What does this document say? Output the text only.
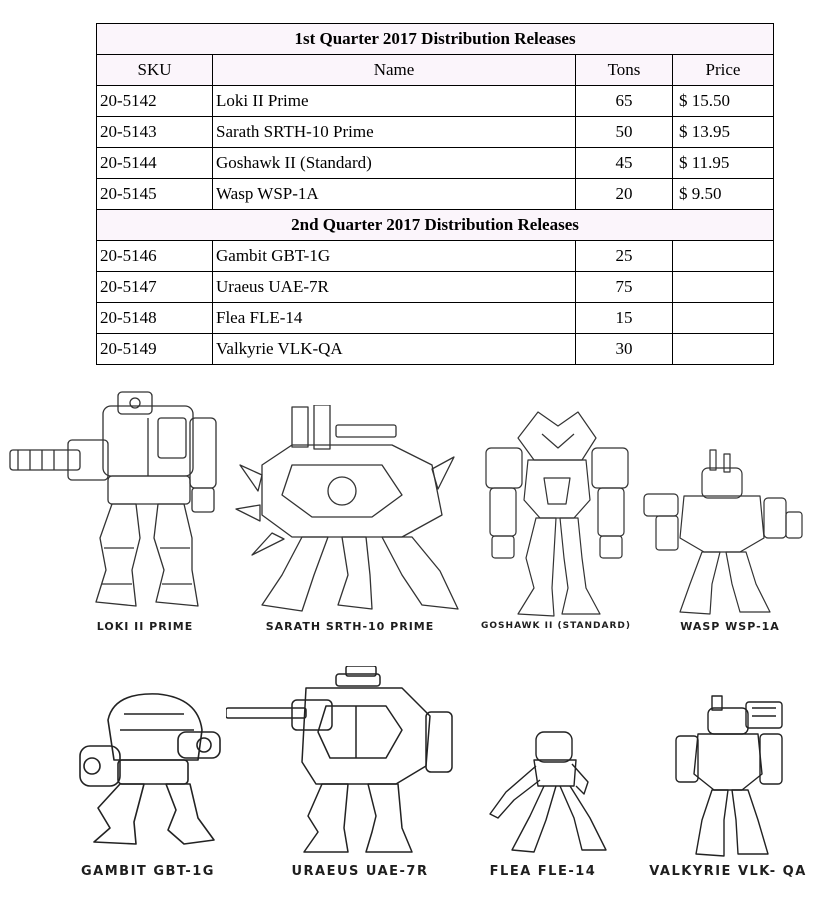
1st Quarter 2017 Distribution Releases			
SKU	Name	Tons	Price
20-5142	Loki II Prime	65	$ 15.50
20-5143	Sarath SRTH-10 Prime	50	$ 13.95
20-5144	Goshawk II (Standard)	45	$ 11.95
20-5145	Wasp WSP-1A	20	$ 9.50
2nd Quarter 2017 Distribution Releases			
20-5146	Gambit GBT-1G	25	
20-5147	Uraeus UAE-7R	75	
20-5148	Flea FLE-14	15	
20-5149	Valkyrie VLK-QA	30	
LOKI II PRIME	SARATH SRTH-10 PRIME	GOSHAWK II (STANDARD)	WASP WSP-1A
GAMBIT GBT-1G	URAEUS UAE-7R	FLEA FLE-14	VALKYRIE VLK- QA
